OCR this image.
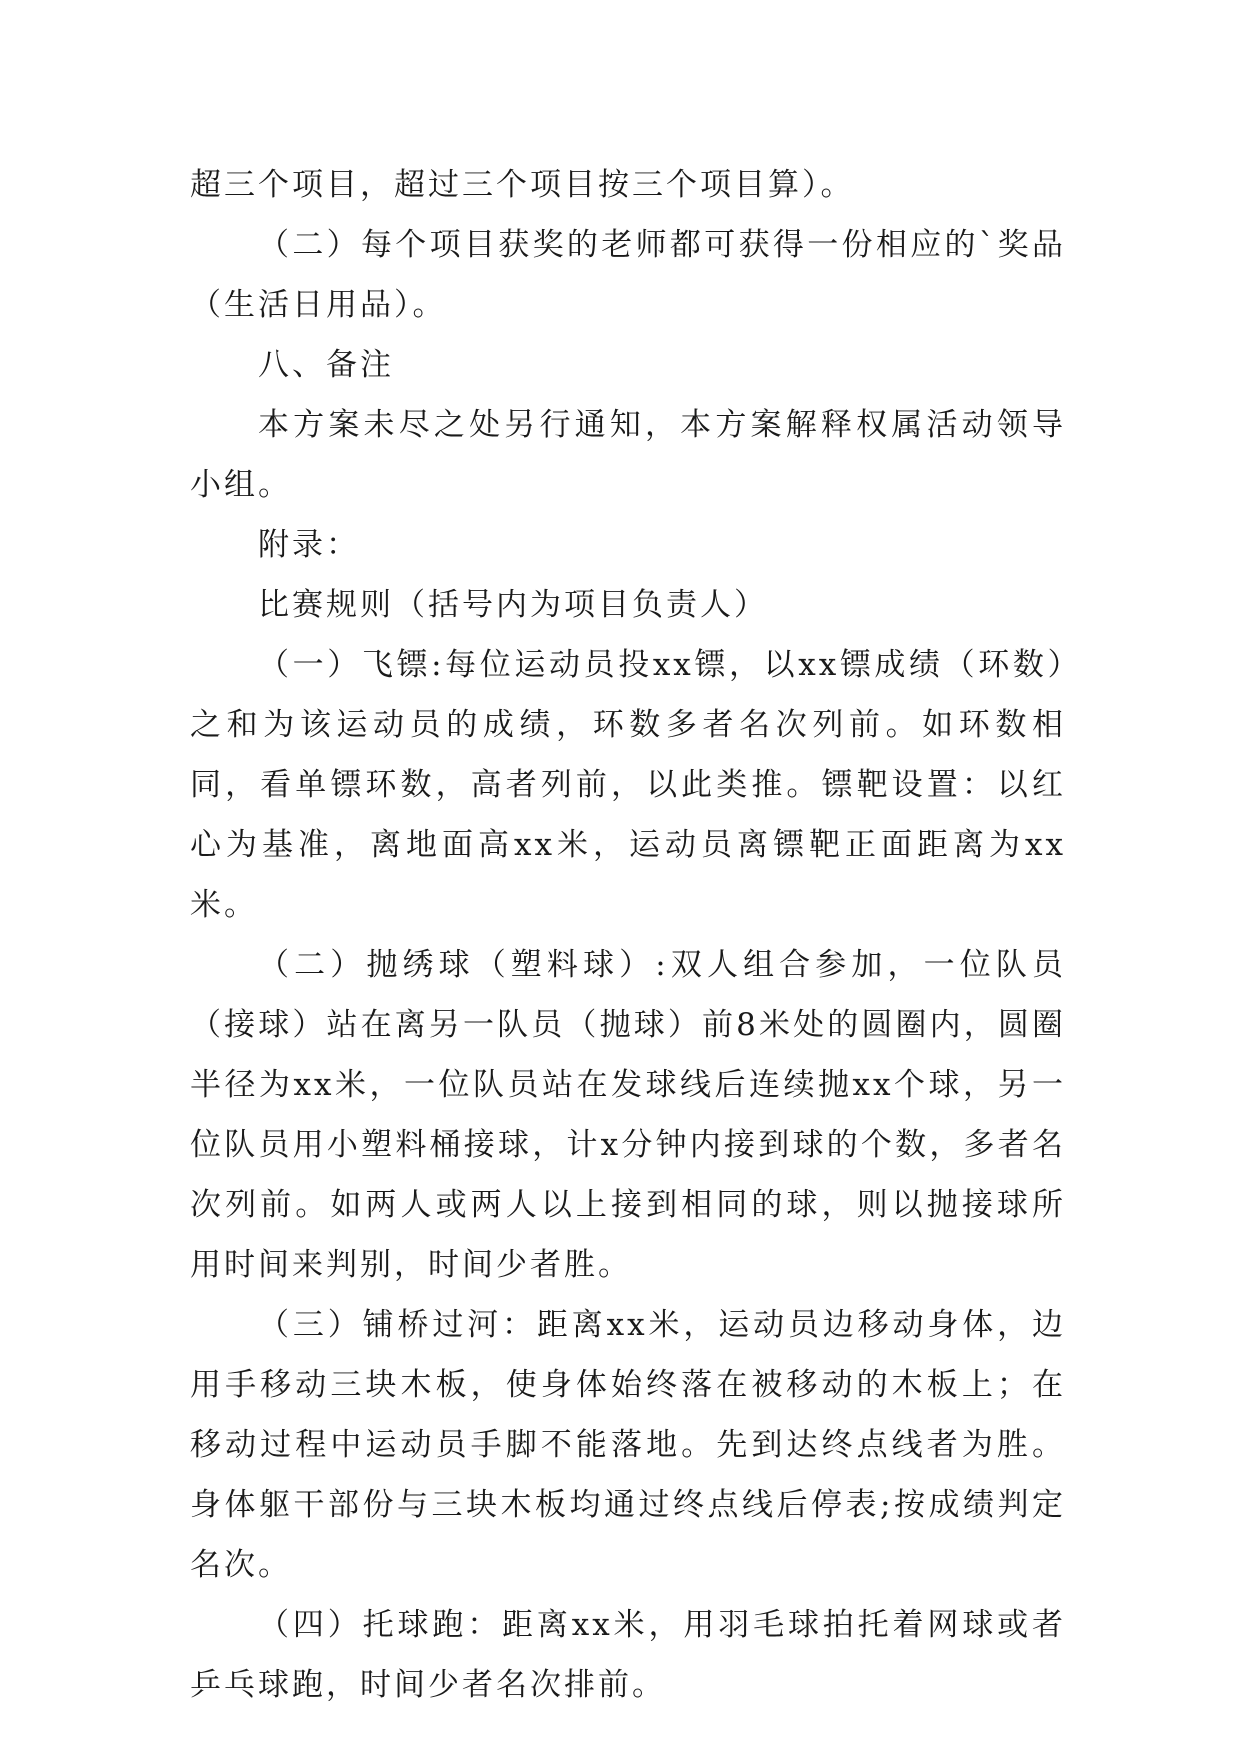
超三个项目，超过三个项目按三个项目算）。

（二）每个项目获奖的老师都可获得一份相应的`奖品（生活日用品）。

八、备注

本方案未尽之处另行通知，本方案解释权属活动领导小组。

附录：

比赛规则（括号内为项目负责人）

（一）飞镖:每位运动员投xx镖，以xx镖成绩（环数）之和为该运动员的成绩，环数多者名次列前。如环数相同，看单镖环数，高者列前，以此类推。镖靶设置：以红心为基准，离地面高xx米，运动员离镖靶正面距离为xx米。

（二）抛绣球（塑料球）:双人组合参加，一位队员（接球）站在离另一队员（抛球）前8米处的圆圈内，圆圈半径为xx米，一位队员站在发球线后连续抛xx个球，另一位队员用小塑料桶接球，计x分钟内接到球的个数，多者名次列前。如两人或两人以上接到相同的球，则以抛接球所用时间来判别，时间少者胜。

（三）铺桥过河：距离xx米，运动员边移动身体，边用手移动三块木板，使身体始终落在被移动的木板上；在移动过程中运动员手脚不能落地。先到达终点线者为胜。身体躯干部份与三块木板均通过终点线后停表;按成绩判定名次。

（四）托球跑：距离xx米，用羽毛球拍托着网球或者乒乓球跑，时间少者名次排前。
